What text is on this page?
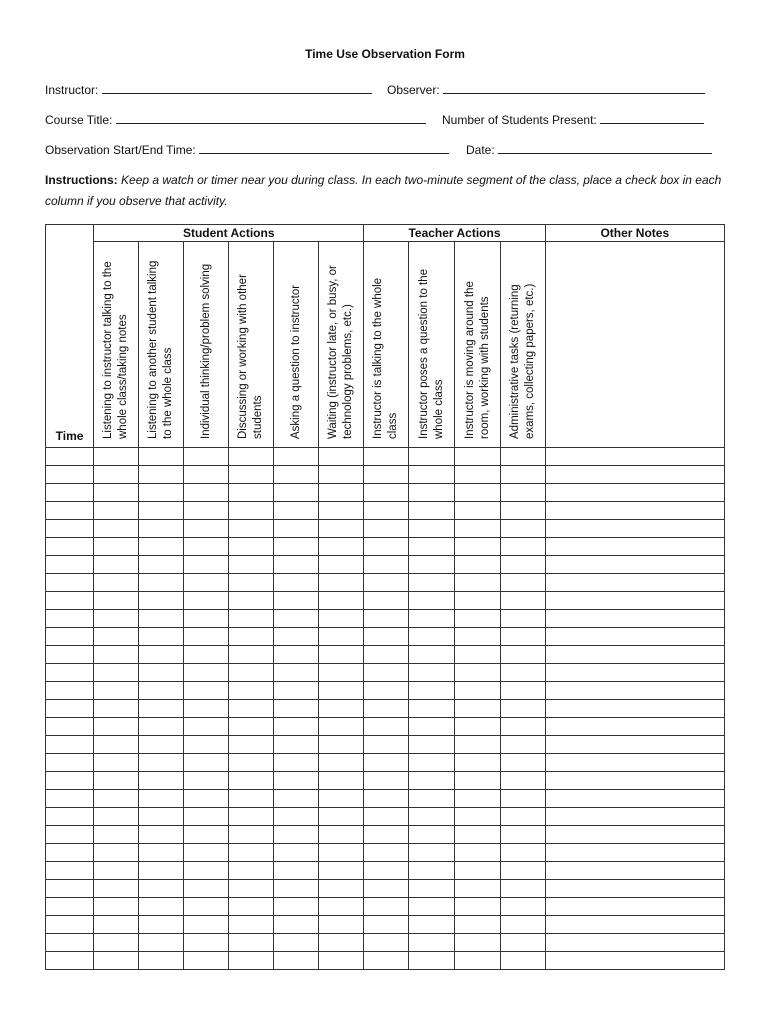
Time Use Observation Form
Instructor:	Observer:
Course Title:	Number of Students Present:
Observation Start/End Time:	Date:
Instructions: Keep a watch or timer near you during class. In each two-minute segment of the class, place a check box in each column if you observe that activity.
Time	Student Actions						Teacher Actions				Other Notes

	Listening to instructor talking to the whole class/taking notes	Listening to another student talking to the whole class	Individual thinking/problem solving	Discussing or working with other students	Asking a question to instructor	Waiting (instructor late, or busy, or technology problems, etc.)	Instructor is talking to the whole class	Instructor poses a question to the whole class	Instructor is moving around the room, working with students	Administrative tasks (returning exams, collecting papers, etc.)	
